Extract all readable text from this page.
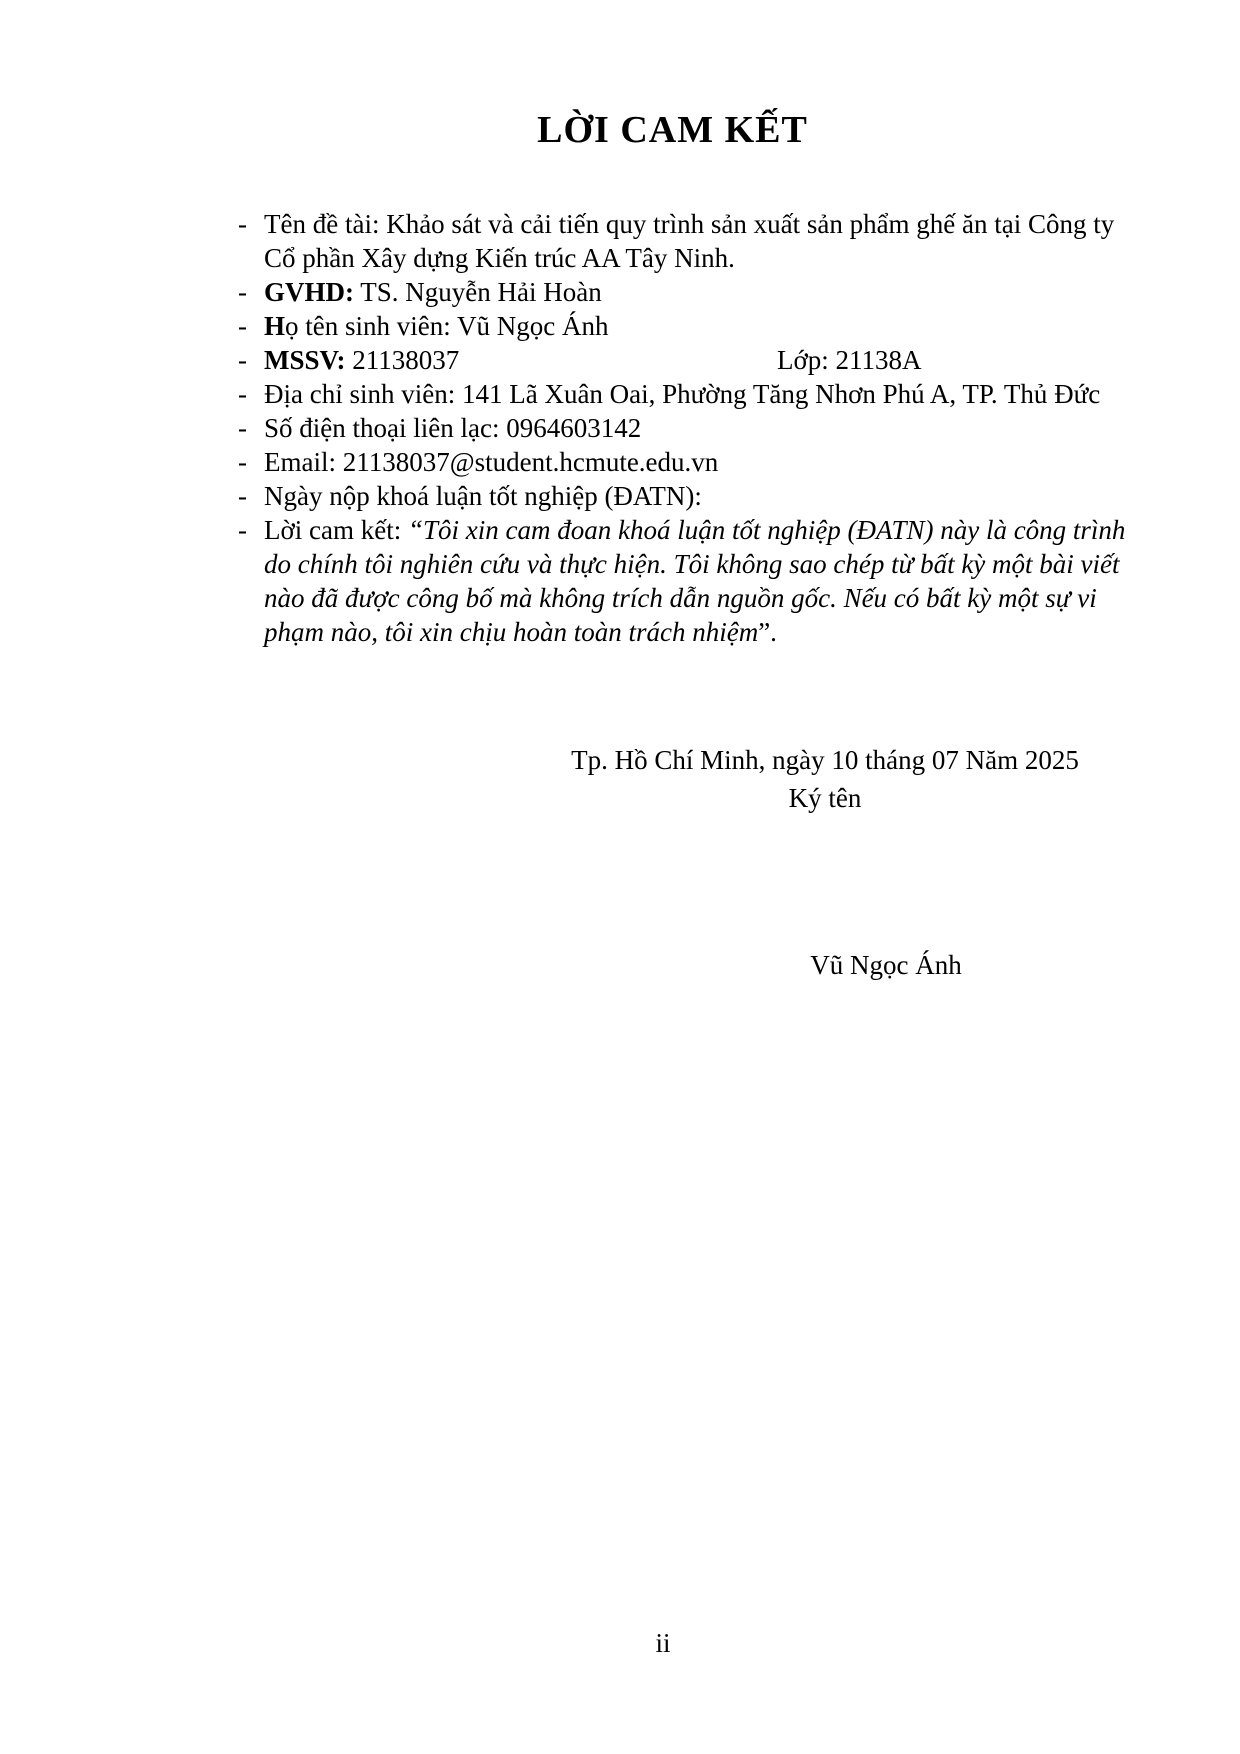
LỜI CAM KẾT
- Tên đề tài: Khảo sát và cải tiến quy trình sản xuất sản phẩm ghế ăn tại Công ty Cổ phần Xây dựng Kiến trúc AA Tây Ninh.
- GVHD: TS. Nguyễn Hải Hoàn
- Họ tên sinh viên: Vũ Ngọc Ánh
- MSSV: 21138037	Lớp: 21138A
- Địa chỉ sinh viên: 141 Lã Xuân Oai, Phường Tăng Nhơn Phú A, TP. Thủ Đức
- Số điện thoại liên lạc: 0964603142
- Email: 21138037@student.hcmute.edu.vn
- Ngày nộp khoá luận tốt nghiệp (ĐATN):
- Lời cam kết: “Tôi xin cam đoan khoá luận tốt nghiệp (ĐATN) này là công trình do chính tôi nghiên cứu và thực hiện. Tôi không sao chép từ bất kỳ một bài viết nào đã được công bố mà không trích dẫn nguồn gốc. Nếu có bất kỳ một sự vi phạm nào, tôi xin chịu hoàn toàn trách nhiệm”.
Tp. Hồ Chí Minh, ngày 10 tháng 07 Năm 2025
Ký tên
Vũ Ngọc Ánh
ii
